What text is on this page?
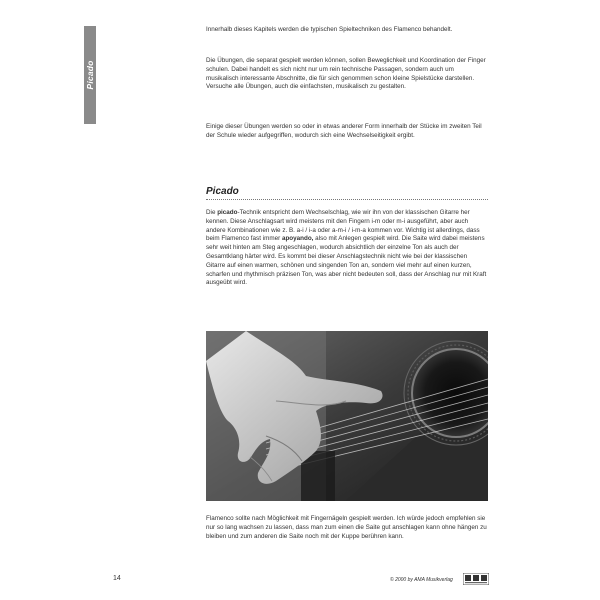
Picado

Innerhalb dieses Kapitels werden die typischen Spieltechniken des Flamenco behandelt.

Die Übungen, die separat gespielt werden können, sollen Beweglichkeit und Koordination der Finger schulen. Dabei handelt es sich nicht nur um rein technische Passagen, sondern auch um musikalisch interessante Abschnitte, die für sich genommen schon kleine Spielstücke darstellen. Versuche alle Übungen, auch die einfachsten, musikalisch zu gestalten.

Einige dieser Übungen werden so oder in etwas anderer Form innerhalb der Stücke im zweiten Teil der Schule wieder aufgegriffen, wodurch sich eine Wechselseitigkeit ergibt.

Picado

Die picado-Technik entspricht dem Wechselschlag, wie wir ihn von der klassischen Gitarre her kennen. Diese Anschlagsart wird meistens mit den Fingern i-m oder m-i ausgeführt, aber auch andere Kombinationen wie z. B. a-i / i-a oder a-m-i / i-m-a kommen vor. Wichtig ist allerdings, dass beim Flamenco fast immer apoyando, also mit Anlegen gespielt wird. Die Saite wird dabei meistens sehr weit hinten am Steg angeschlagen, wodurch absichtlich der einzelne Ton als auch der Gesamtklang härter wird. Es kommt bei dieser Anschlagstechnik nicht wie bei der klassischen Gitarre auf einen warmen, schönen und singenden Ton an, sondern viel mehr auf einen kurzen, scharfen und rhythmisch präzisen Ton, was aber nicht bedeuten soll, dass der Anschlag nur mit Kraft ausgeübt wird.

Flamenco sollte nach Möglichkeit mit Fingernägeln gespielt werden. Ich würde jedoch empfehlen sie nur so lang wachsen zu lassen, dass man zum einen die Saite gut anschlagen kann ohne hängen zu bleiben und zum anderen die Saite noch mit der Kuppe berühren kann.

14	© 2000 by AMA Musikverlag
